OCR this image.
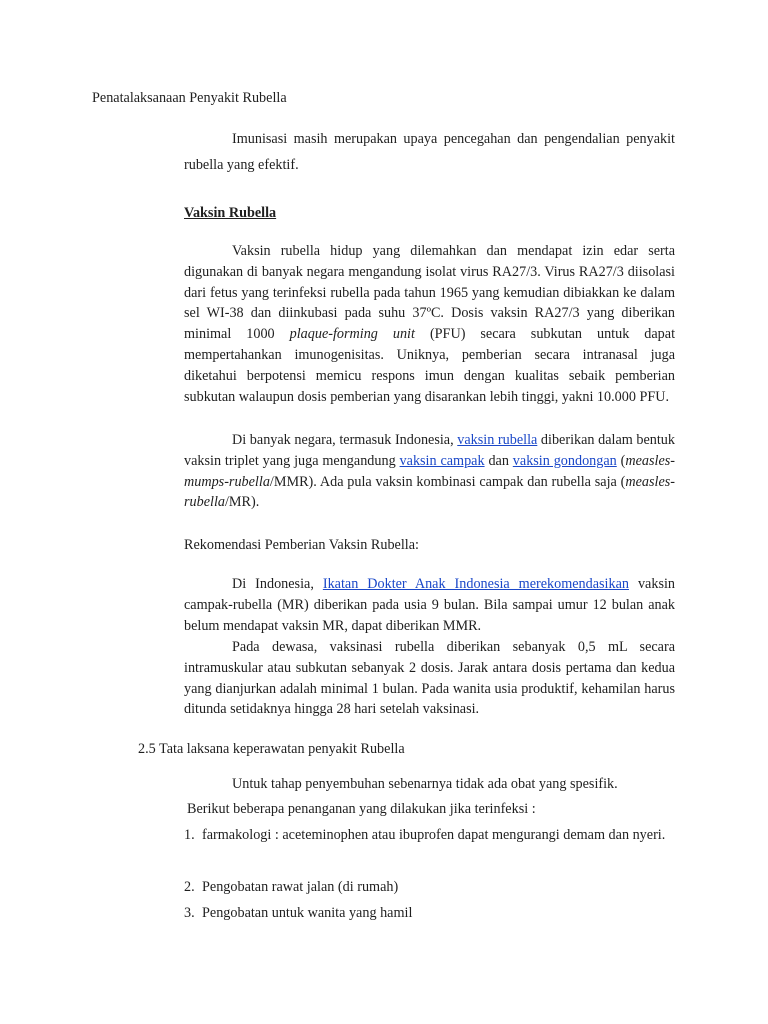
Penatalaksanaan Penyakit Rubella

Imunisasi masih merupakan upaya pencegahan dan pengendalian penyakit rubella yang efektif.

Vaksin Rubella

Vaksin rubella hidup yang dilemahkan dan mendapat izin edar serta digunakan di banyak negara mengandung isolat virus RA27/3. Virus RA27/3 diisolasi dari fetus yang terinfeksi rubella pada tahun 1965 yang kemudian dibiakkan ke dalam sel WI-38 dan diinkubasi pada suhu 37ºC. Dosis vaksin RA27/3 yang diberikan minimal 1000 plaque-forming unit (PFU) secara subkutan untuk dapat mempertahankan imunogenisitas. Uniknya, pemberian secara intranasal juga diketahui berpotensi memicu respons imun dengan kualitas sebaik pemberian subkutan walaupun dosis pemberian yang disarankan lebih tinggi, yakni 10.000 PFU.

Di banyak negara, termasuk Indonesia, vaksin rubella diberikan dalam bentuk vaksin triplet yang juga mengandung vaksin campak dan vaksin gondongan (measles-mumps-rubella/MMR). Ada pula vaksin kombinasi campak dan rubella saja (measles-rubella/MR).

Rekomendasi Pemberian Vaksin Rubella:

Di Indonesia, Ikatan Dokter Anak Indonesia merekomendasikan vaksin campak-rubella (MR) diberikan pada usia 9 bulan. Bila sampai umur 12 bulan anak belum mendapat vaksin MR, dapat diberikan MMR.

Pada dewasa, vaksinasi rubella diberikan sebanyak 0,5 mL secara intramuskular atau subkutan sebanyak 2 dosis. Jarak antara dosis pertama dan kedua yang dianjurkan adalah minimal 1 bulan. Pada wanita usia produktif, kehamilan harus ditunda setidaknya hingga 28 hari setelah vaksinasi.

2.5 Tata laksana keperawatan penyakit Rubella

Untuk tahap penyembuhan sebenarnya tidak ada obat yang spesifik.

Berikut beberapa penanganan yang dilakukan jika terinfeksi :

1. farmakologi : aceteminophen atau ibuprofen dapat mengurangi demam dan nyeri.

2. Pengobatan rawat jalan (di rumah)

3. Pengobatan untuk wanita yang hamil
